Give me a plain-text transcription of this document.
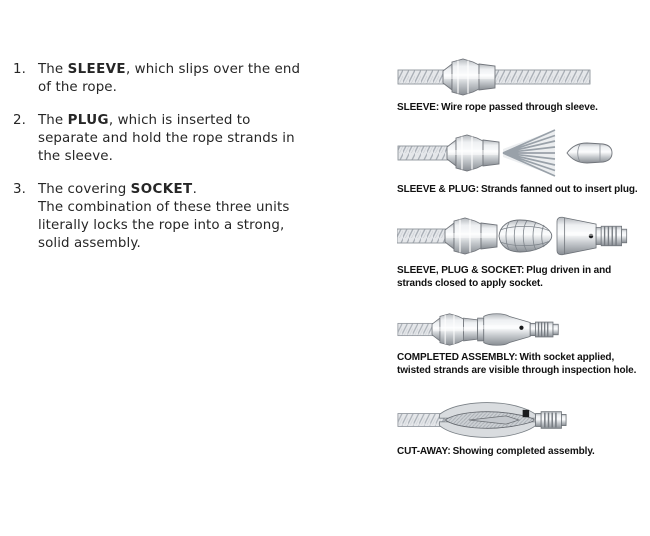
1. The SLEEVE, which slips over the end
of the rope.
2. The PLUG, which is inserted to
separate and hold the rope strands in
the sleeve.
3. The covering SOCKET.
The combination of these three units
literally locks the rope into a strong,
solid assembly.
SLEEVE: Wire rope passed through sleeve.
SLEEVE & PLUG: Strands fanned out to insert plug.
SLEEVE, PLUG & SOCKET: Plug driven in and strands closed to apply socket.
COMPLETED ASSEMBLY: With socket applied, twisted strands are visible through inspection hole.
CUT-AWAY: Showing completed assembly.
